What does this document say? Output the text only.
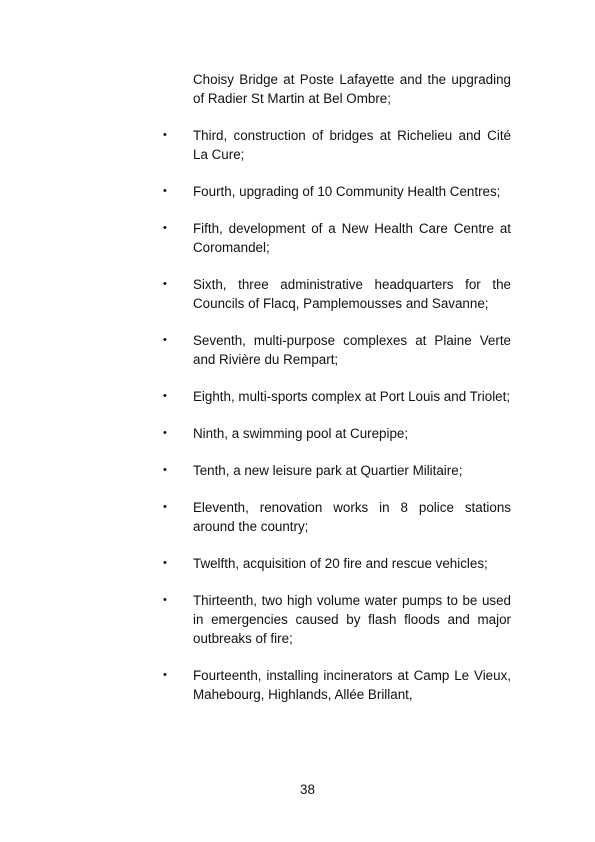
Choisy Bridge at Poste Lafayette and the upgrading of Radier St Martin at Bel Ombre;
•	Third, construction of bridges at Richelieu and Cité La Cure;
•	Fourth, upgrading of 10 Community Health Centres;
•	Fifth, development of a New Health Care Centre at Coromandel;
•	Sixth, three administrative headquarters for the Councils of Flacq, Pamplemousses and Savanne;
•	Seventh, multi-purpose complexes at Plaine Verte and Rivière du Rempart;
•	Eighth, multi-sports complex at Port Louis and Triolet;
•	Ninth, a swimming pool at Curepipe;
•	Tenth, a new leisure park at Quartier Militaire;
•	Eleventh, renovation works in 8 police stations around the country;
•	Twelfth, acquisition of 20 fire and rescue vehicles;
•	Thirteenth, two high volume water pumps to be used in emergencies caused by flash floods and major outbreaks of fire;
•	Fourteenth, installing incinerators at Camp Le Vieux, Mahebourg, Highlands, Allée Brillant,
38
